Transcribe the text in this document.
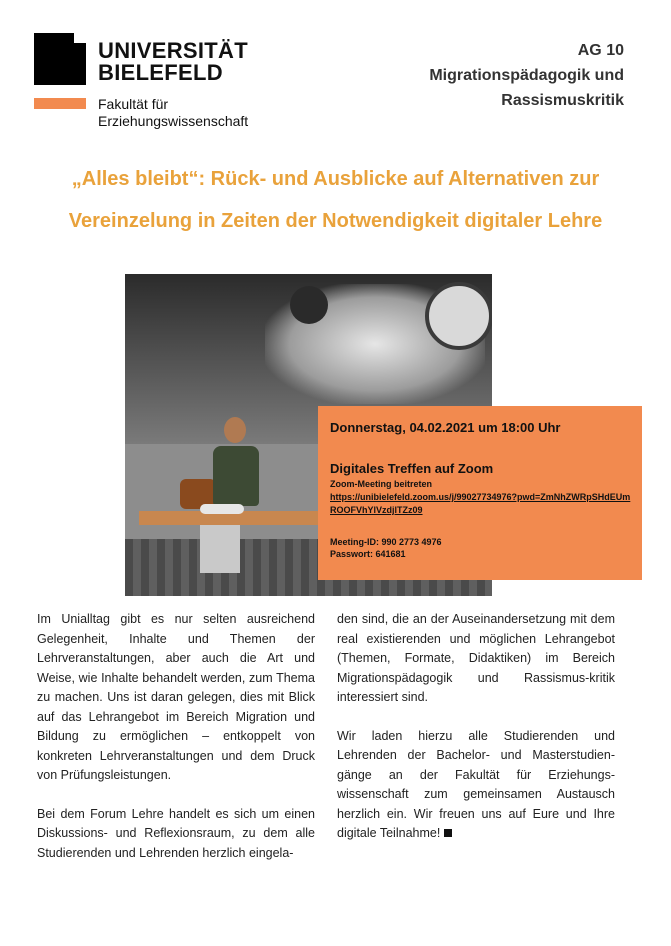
UNIVERSITÄT
BIELEFELD
Fakultät für
Erziehungswissenschaft
AG 10
Migrationspädagogik und
Rassismuskritik
„Alles bleibt“: Rück- und Ausblicke auf Alternativen zur
Vereinzelung in Zeiten der Notwendigkeit digitaler Lehre
Donnerstag, 04.02.2021 um 18:00 Uhr
Digitales Treffen auf Zoom
Zoom-Meeting beitreten
https://unibielefeld.zoom.us/j/99027734976?pwd=ZmNhZWRpSHdEUmROOFVhYlVzdjlTZz09
Meeting-ID: 990 2773 4976
Passwort: 641681

Im Unialltag gibt es nur selten ausreichend Gelegenheit, Inhalte und Themen der Lehrveranstaltungen, aber auch die Art und Weise, wie Inhalte behandelt werden, zum Thema zu machen. Uns ist daran gelegen, dies mit Blick auf das Lehrangebot im Bereich Migration und Bildung zu ermöglichen – entkoppelt von konkreten Lehrveranstaltungen und dem Druck von Prüfungsleistungen.

Bei dem Forum Lehre handelt es sich um einen Diskussions- und Reflexionsraum, zu dem alle Studierenden und Lehrenden herzlich eingela-

den sind, die an der Auseinandersetzung mit dem real existierenden und möglichen Lehrangebot (Themen, Formate, Didaktiken) im Bereich Migrationspädagogik und Rassismus-kritik interessiert sind.

Wir laden hierzu alle Studierenden und Lehrenden der Bachelor- und Masterstudien-gänge an der Fakultät für Erziehungs-wissenschaft zum gemeinsamen Austausch herzlich ein. Wir freuen uns auf Eure und Ihre digitale Teilnahme!
